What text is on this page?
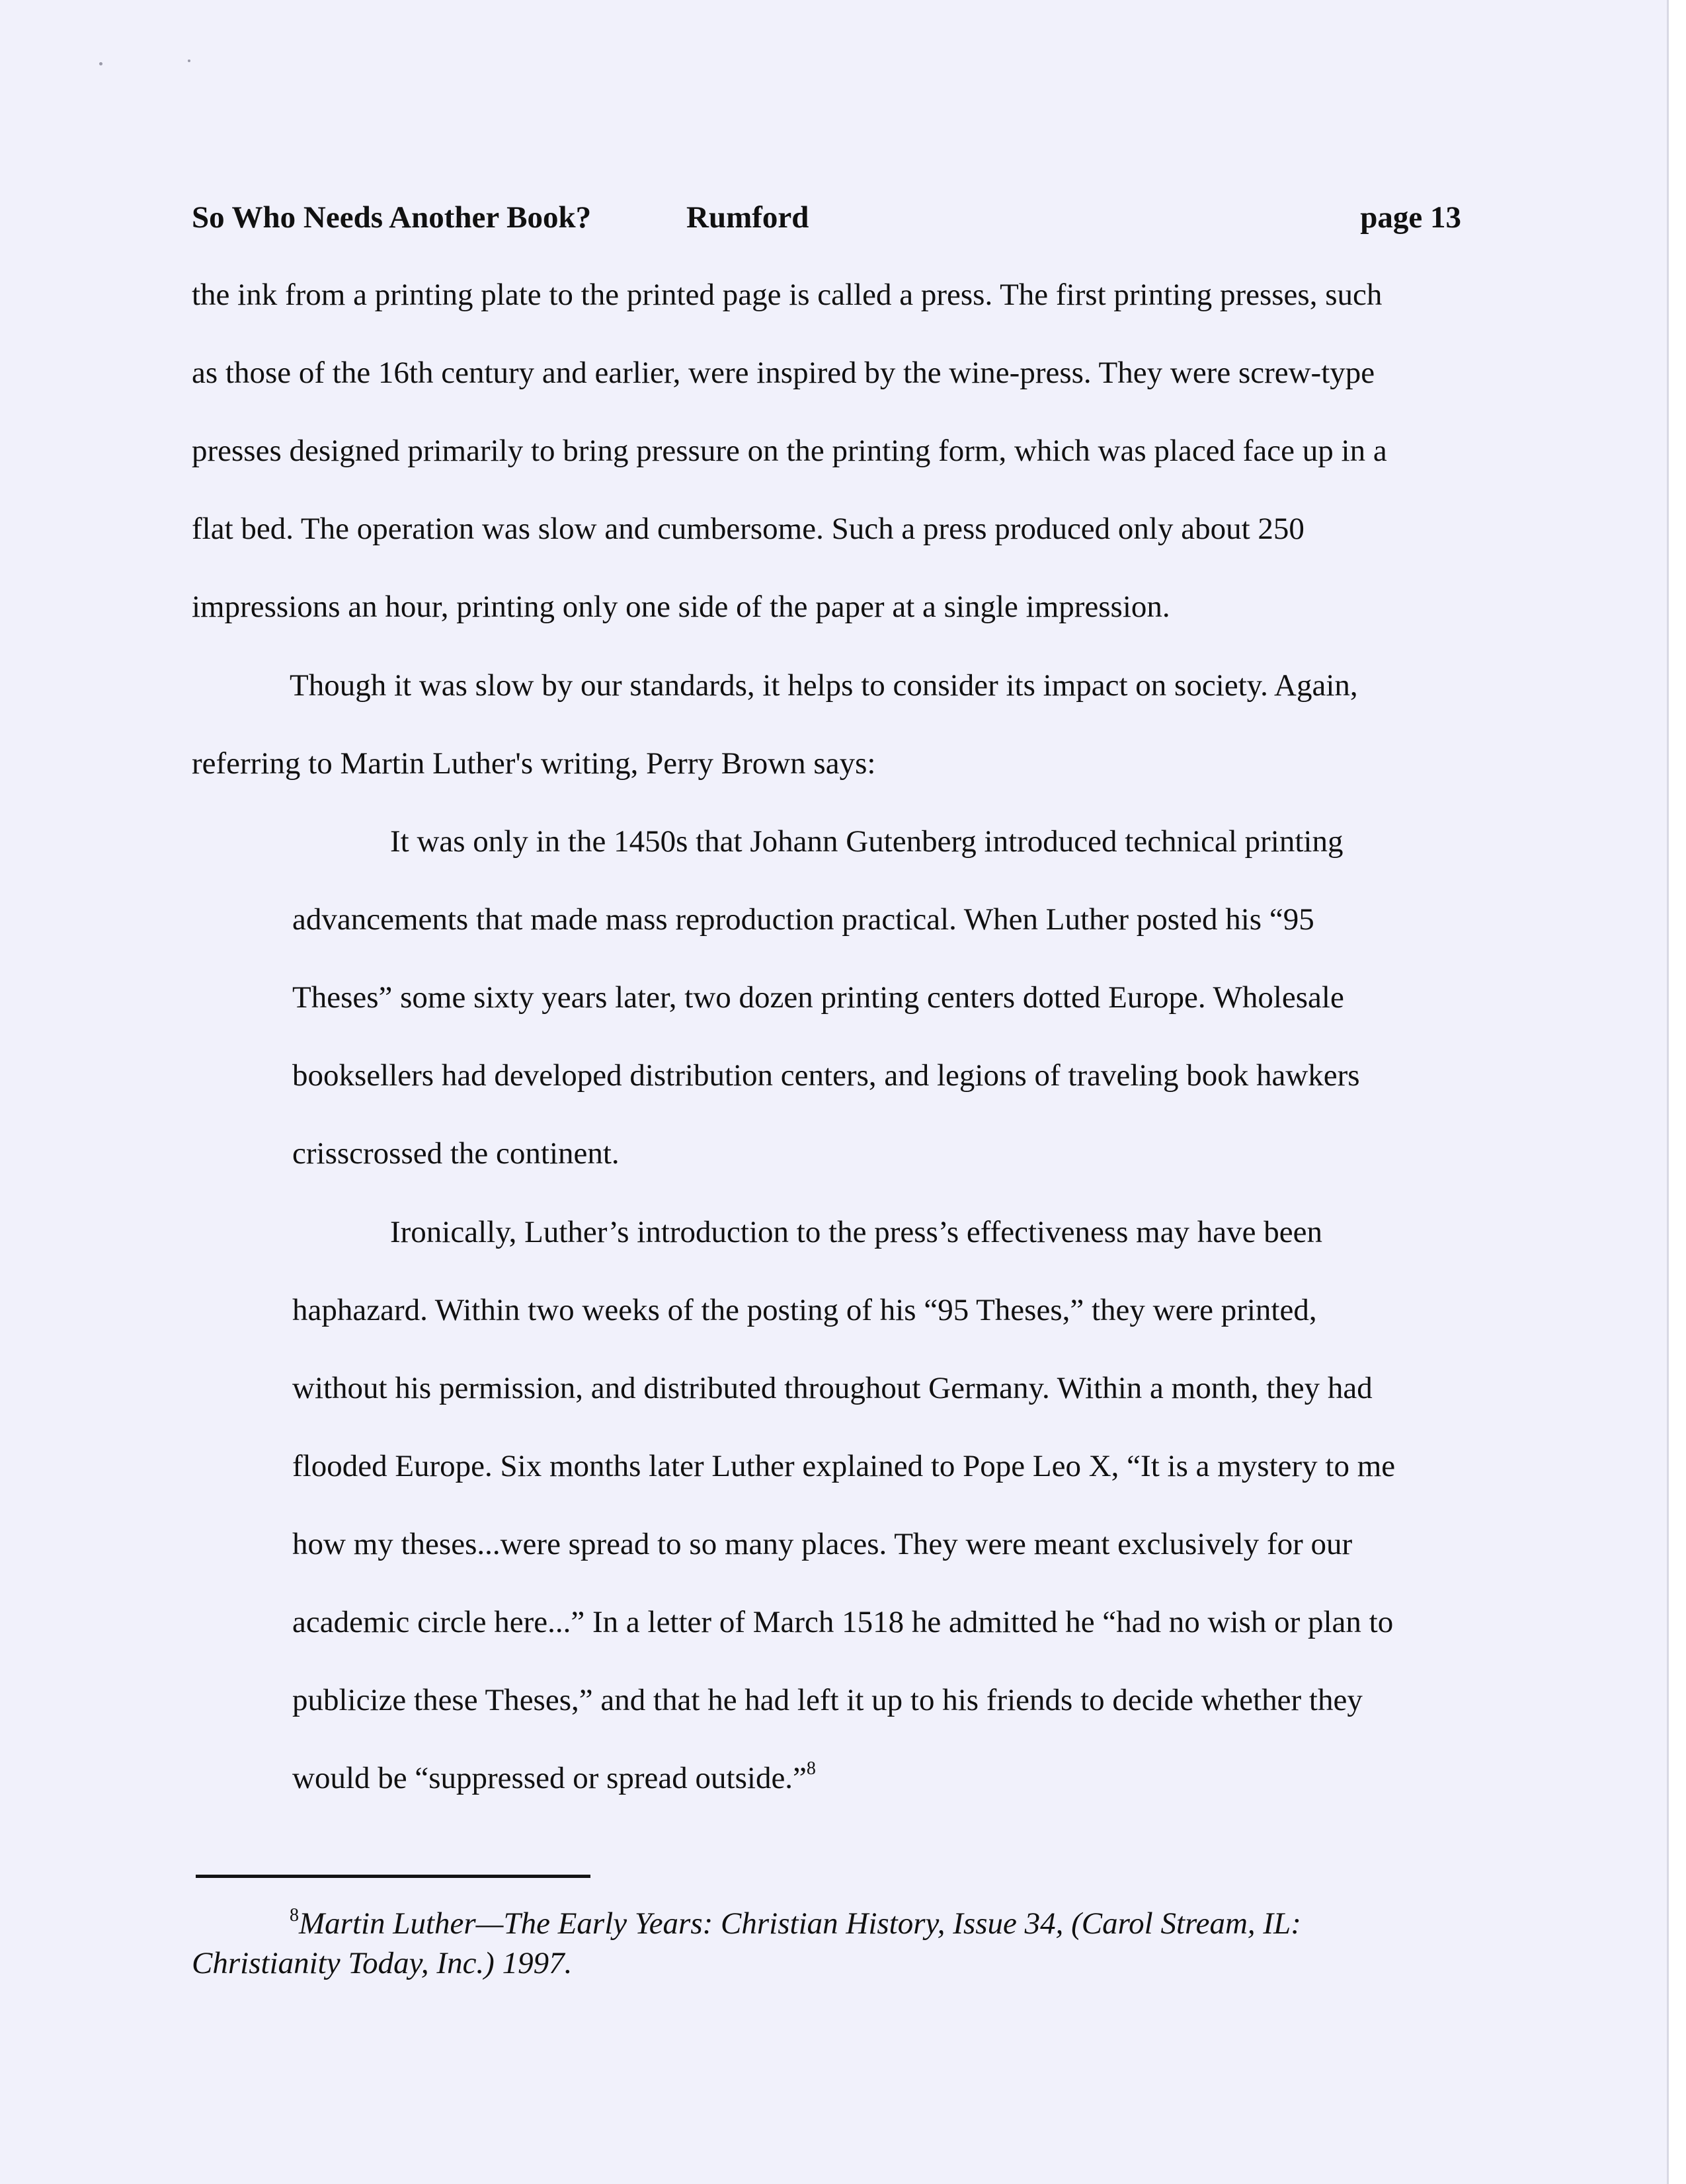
So Who Needs Another Book?	Rumford	page 13
the ink from a printing plate to the printed page is called a press. The first printing presses, such
as those of the 16th century and earlier, were inspired by the wine-press. They were screw-type
presses designed primarily to bring pressure on the printing form, which was placed face up in a
flat bed. The operation was slow and cumbersome. Such a press produced only about 250
impressions an hour, printing only one side of the paper at a single impression.
Though it was slow by our standards, it helps to consider its impact on society. Again,
referring to Martin Luther's writing, Perry Brown says:
It was only in the 1450s that Johann Gutenberg introduced technical printing
advancements that made mass reproduction practical. When Luther posted his “95
Theses” some sixty years later, two dozen printing centers dotted Europe. Wholesale
booksellers had developed distribution centers, and legions of traveling book hawkers
crisscrossed the continent.
Ironically, Luther’s introduction to the press’s effectiveness may have been
haphazard. Within two weeks of the posting of his “95 Theses,” they were printed,
without his permission, and distributed throughout Germany. Within a month, they had
flooded Europe. Six months later Luther explained to Pope Leo X, “It is a mystery to me
how my theses...were spread to so many places. They were meant exclusively for our
academic circle here...” In a letter of March 1518 he admitted he “had no wish or plan to
publicize these Theses,” and that he had left it up to his friends to decide whether they
would be “suppressed or spread outside.”$^8$
$^8$Martin Luther—The Early Years: Christian History, Issue 34, (Carol Stream, IL:
Christianity Today, Inc.) 1997.
